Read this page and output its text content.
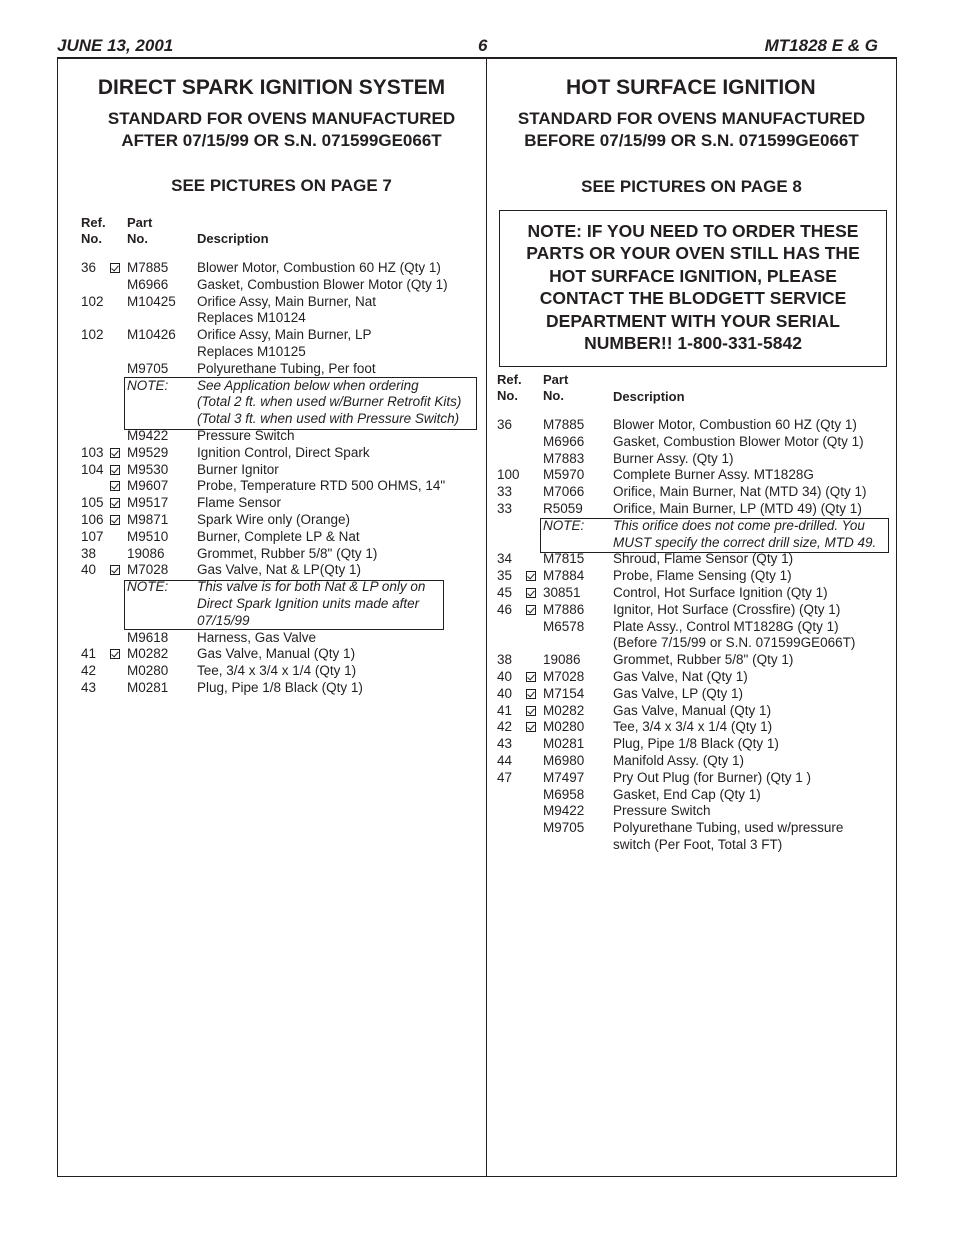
JUNE 13, 2001	6	MT1828 E & G
DIRECT SPARK IGNITION SYSTEM
STANDARD FOR OVENS MANUFACTURED
AFTER 07/15/99 OR S.N. 071599GE066T
SEE PICTURES ON PAGE 7
Ref.
No.
Part
No.	Description
36 M7885 Blower Motor, Combustion 60 HZ (Qty 1)
M6966 Gasket, Combustion Blower Motor (Qty 1)
102 M10425 Orifice Assy, Main Burner, Nat
Replaces M10124
102 M10426 Orifice Assy, Main Burner, LP
Replaces M10125
M9705 Polyurethane Tubing, Per foot
NOTE: See Application below when ordering
(Total 2 ft. when used w/Burner Retrofit Kits)
(Total 3 ft. when used with Pressure Switch)
M9422 Pressure Switch
103 M9529 Ignition Control, Direct Spark
104 M9530 Burner Ignitor
M9607 Probe, Temperature RTD 500 OHMS, 14"
105 M9517 Flame Sensor
106 M9871 Spark Wire only (Orange)
107 M9510 Burner, Complete LP & Nat
38 19086 Grommet, Rubber 5/8" (Qty 1)
40 M7028 Gas Valve, Nat & LP(Qty 1)
NOTE: This valve is for both Nat & LP only on
Direct Spark Ignition units made after
07/15/99
M9618 Harness, Gas Valve
41 M0282 Gas Valve, Manual (Qty 1)
42 M0280 Tee, 3/4 x 3/4 x 1/4 (Qty 1)
43 M0281 Plug, Pipe 1/8 Black (Qty 1)
HOT SURFACE IGNITION
STANDARD FOR OVENS MANUFACTURED
BEFORE 07/15/99 OR S.N. 071599GE066T
SEE PICTURES ON PAGE 8
NOTE: IF YOU NEED TO ORDER THESE
PARTS OR YOUR OVEN STILL HAS THE
HOT SURFACE IGNITION, PLEASE
CONTACT THE BLODGETT SERVICE
DEPARTMENT WITH YOUR SERIAL
NUMBER!! 1-800-331-5842
Ref.
No.
Part
No.	Description
36 M7885 Blower Motor, Combustion 60 HZ (Qty 1)
M6966 Gasket, Combustion Blower Motor (Qty 1)
M7883 Burner Assy. (Qty 1)
100 M5970 Complete Burner Assy. MT1828G
33 M7066 Orifice, Main Burner, Nat (MTD 34) (Qty 1)
33 R5059 Orifice, Main Burner, LP (MTD 49) (Qty 1)
NOTE: This orifice does not come pre-drilled. You
MUST specify the correct drill size, MTD 49.
34 M7815 Shroud, Flame Sensor (Qty 1)
35 M7884 Probe, Flame Sensing (Qty 1)
45 30851 Control, Hot Surface Ignition (Qty 1)
46 M7886 Ignitor, Hot Surface (Crossfire) (Qty 1)
M6578 Plate Assy., Control MT1828G (Qty 1)
(Before 7/15/99 or S.N. 071599GE066T)
38 19086 Grommet, Rubber 5/8" (Qty 1)
40 M7028 Gas Valve, Nat (Qty 1)
40 M7154 Gas Valve, LP (Qty 1)
41 M0282 Gas Valve, Manual (Qty 1)
42 M0280 Tee, 3/4 x 3/4 x 1/4 (Qty 1)
43 M0281 Plug, Pipe 1/8 Black (Qty 1)
44 M6980 Manifold Assy. (Qty 1)
47 M7497 Pry Out Plug (for Burner) (Qty 1 )
M6958 Gasket, End Cap (Qty 1)
M9422 Pressure Switch
M9705 Polyurethane Tubing, used w/pressure
switch (Per Foot, Total 3 FT)
